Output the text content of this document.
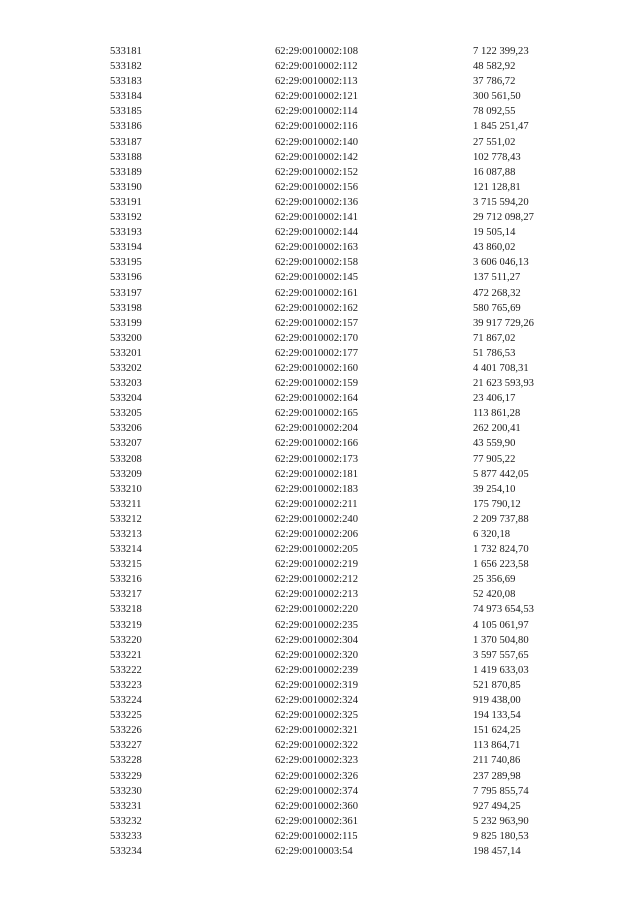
533181	62:29:0010002:108	7 122 399,23
533182	62:29:0010002:112	48 582,92
533183	62:29:0010002:113	37 786,72
533184	62:29:0010002:121	300 561,50
533185	62:29:0010002:114	78 092,55
533186	62:29:0010002:116	1 845 251,47
533187	62:29:0010002:140	27 551,02
533188	62:29:0010002:142	102 778,43
533189	62:29:0010002:152	16 087,88
533190	62:29:0010002:156	121 128,81
533191	62:29:0010002:136	3 715 594,20
533192	62:29:0010002:141	29 712 098,27
533193	62:29:0010002:144	19 505,14
533194	62:29:0010002:163	43 860,02
533195	62:29:0010002:158	3 606 046,13
533196	62:29:0010002:145	137 511,27
533197	62:29:0010002:161	472 268,32
533198	62:29:0010002:162	580 765,69
533199	62:29:0010002:157	39 917 729,26
533200	62:29:0010002:170	71 867,02
533201	62:29:0010002:177	51 786,53
533202	62:29:0010002:160	4 401 708,31
533203	62:29:0010002:159	21 623 593,93
533204	62:29:0010002:164	23 406,17
533205	62:29:0010002:165	113 861,28
533206	62:29:0010002:204	262 200,41
533207	62:29:0010002:166	43 559,90
533208	62:29:0010002:173	77 905,22
533209	62:29:0010002:181	5 877 442,05
533210	62:29:0010002:183	39 254,10
533211	62:29:0010002:211	175 790,12
533212	62:29:0010002:240	2 209 737,88
533213	62:29:0010002:206	6 320,18
533214	62:29:0010002:205	1 732 824,70
533215	62:29:0010002:219	1 656 223,58
533216	62:29:0010002:212	25 356,69
533217	62:29:0010002:213	52 420,08
533218	62:29:0010002:220	74 973 654,53
533219	62:29:0010002:235	4 105 061,97
533220	62:29:0010002:304	1 370 504,80
533221	62:29:0010002:320	3 597 557,65
533222	62:29:0010002:239	1 419 633,03
533223	62:29:0010002:319	521 870,85
533224	62:29:0010002:324	919 438,00
533225	62:29:0010002:325	194 133,54
533226	62:29:0010002:321	151 624,25
533227	62:29:0010002:322	113 864,71
533228	62:29:0010002:323	211 740,86
533229	62:29:0010002:326	237 289,98
533230	62:29:0010002:374	7 795 855,74
533231	62:29:0010002:360	927 494,25
533232	62:29:0010002:361	5 232 963,90
533233	62:29:0010002:115	9 825 180,53
533234	62:29:0010003:54	198 457,14
